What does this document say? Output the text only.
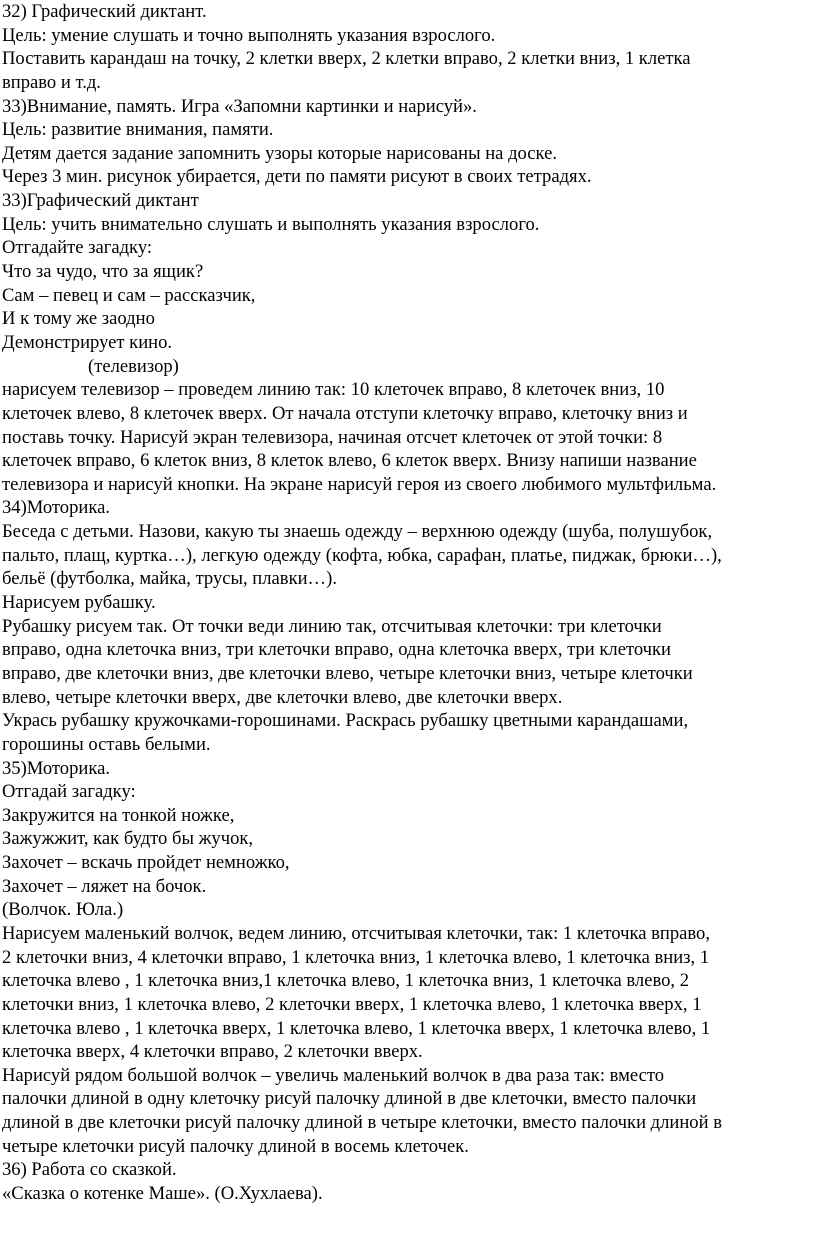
32) Графический диктант.
Цель: умение слушать и точно выполнять указания взрослого.
Поставить карандаш на точку, 2 клетки вверх, 2 клетки вправо, 2 клетки вниз, 1 клетка
вправо и т.д.
33)Внимание, память. Игра «Запомни картинки и нарисуй».
Цель: развитие внимания, памяти.
Детям дается задание запомнить узоры которые нарисованы на доске.
Через 3 мин. рисунок убирается, дети по памяти рисуют в своих тетрадях.
33)Графический диктант
Цель: учить внимательно слушать и выполнять указания взрослого.
Отгадайте загадку:
Что за чудо, что за ящик?
Сам – певец и сам – рассказчик,
И к тому же заодно
Демонстрирует кино.
(телевизор)
нарисуем телевизор – проведем линию так: 10 клеточек вправо, 8 клеточек вниз, 10
клеточек влево, 8 клеточек вверх. От начала отступи клеточку вправо, клеточку вниз и
поставь точку. Нарисуй экран телевизора, начиная отсчет клеточек от этой точки: 8
клеточек вправо, 6 клеток вниз, 8 клеток влево, 6 клеток вверх. Внизу напиши название
телевизора и нарисуй кнопки. На экране нарисуй героя из своего любимого мультфильма.
34)Моторика.
Беседа с детьми. Назови, какую ты знаешь одежду – верхнюю одежду (шуба, полушубок,
пальто, плащ, куртка…), легкую одежду (кофта, юбка, сарафан, платье, пиджак, брюки…),
бельё (футболка, майка, трусы, плавки…).
Нарисуем рубашку.
Рубашку рисуем так. От точки веди линию так, отсчитывая клеточки: три клеточки
вправо, одна клеточка вниз, три клеточки вправо, одна клеточка вверх, три клеточки
вправо, две клеточки вниз, две клеточки влево, четыре клеточки вниз, четыре клеточки
влево, четыре клеточки вверх, две клеточки влево, две клеточки вверх.
Укрась рубашку кружочками-горошинами. Раскрась рубашку цветными карандашами,
горошины оставь белыми.
35)Моторика.
Отгадай загадку:
Закружится на тонкой ножке,
Зажужжит, как будто бы жучок,
Захочет – вскачь пройдет немножко,
Захочет – ляжет на бочок.
(Волчок. Юла.)
Нарисуем маленький волчок, ведем линию, отсчитывая клеточки, так: 1 клеточка вправо,
2 клеточки вниз, 4 клеточки вправо, 1 клеточка вниз, 1 клеточка влево, 1 клеточка вниз, 1
клеточка влево , 1 клеточка вниз,1 клеточка влево, 1 клеточка вниз, 1 клеточка влево, 2
клеточки вниз, 1 клеточка влево, 2 клеточки вверх, 1 клеточка влево, 1 клеточка вверх, 1
клеточка влево , 1 клеточка вверх, 1 клеточка влево, 1 клеточка вверх, 1 клеточка влево, 1
клеточка вверх, 4 клеточки вправо, 2 клеточки вверх.
Нарисуй рядом большой волчок – увеличь маленький волчок в два раза так: вместо
палочки длиной в одну клеточку рисуй палочку длиной в две клеточки, вместо палочки
длиной в две клеточки рисуй палочку длиной в четыре клеточки, вместо палочки длиной в
четыре клеточки рисуй палочку длиной в восемь клеточек.
36) Работа со сказкой.
«Сказка о котенке Маше». (О.Хухлаева).
